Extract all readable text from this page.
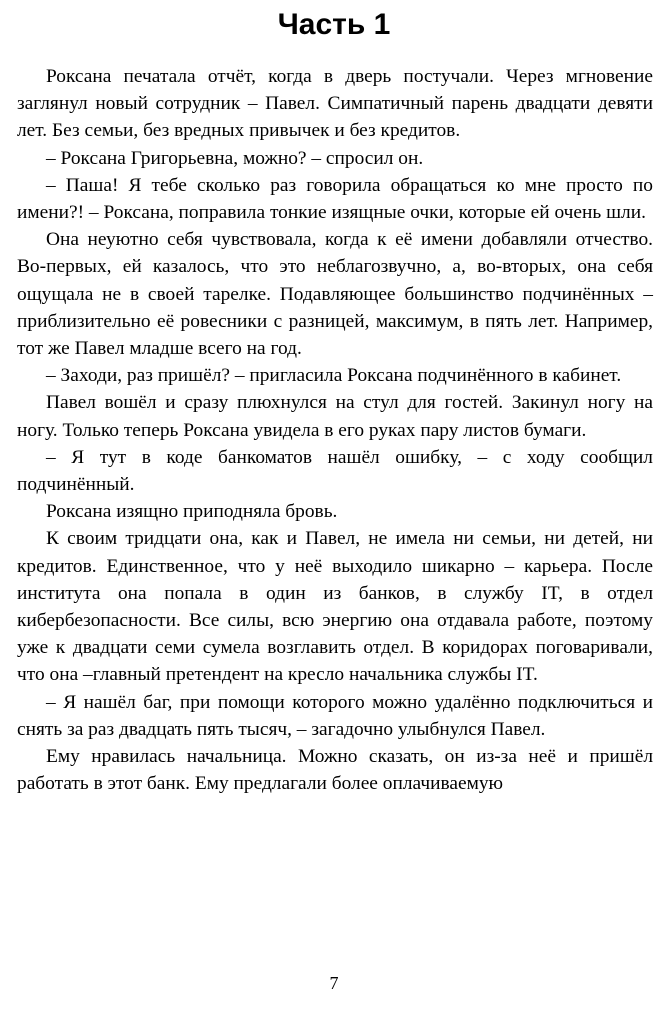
Часть 1

Роксана печатала отчёт, когда в дверь постучали. Через мгновение заглянул новый сотрудник – Павел. Симпатичный парень двадцати девяти лет. Без семьи, без вредных привычек и без кредитов.

– Роксана Григорьевна, можно? – спросил он.

– Паша! Я тебе сколько раз говорила обращаться ко мне просто по имени?! – Роксана, поправила тонкие изящные очки, которые ей очень шли.

Она неуютно себя чувствовала, когда к её имени добавляли отчество. Во-первых, ей казалось, что это неблагозвучно, а, во-вторых, она себя ощущала не в своей тарелке. Подавляющее большинство подчинённых – приблизительно её ровесники с разницей, максимум, в пять лет. Например, тот же Павел младше всего на год.

– Заходи, раз пришёл? – пригласила Роксана подчинённого в кабинет.

Павел вошёл и сразу плюхнулся на стул для гостей. Закинул ногу на ногу. Только теперь Роксана увидела в его руках пару листов бумаги.

– Я тут в коде банкоматов нашёл ошибку, – с ходу сообщил подчинённый.

Роксана изящно приподняла бровь.

К своим тридцати она, как и Павел, не имела ни семьи, ни детей, ни кредитов. Единственное, что у неё выходило шикарно – карьера. После института она попала в один из банков, в службу IT, в отдел кибербезопасности. Все силы, всю энергию она отдавала работе, поэтому уже к двадцати семи сумела возглавить отдел. В коридорах поговаривали, что она –главный претендент на кресло начальника службы IT.

– Я нашёл баг, при помощи которого можно удалённо подключиться и снять за раз двадцать пять тысяч, – загадочно улыбнулся Павел.

Ему нравилась начальница. Можно сказать, он из-за неё и пришёл работать в этот банк. Ему предлагали более оплачиваемую

7
